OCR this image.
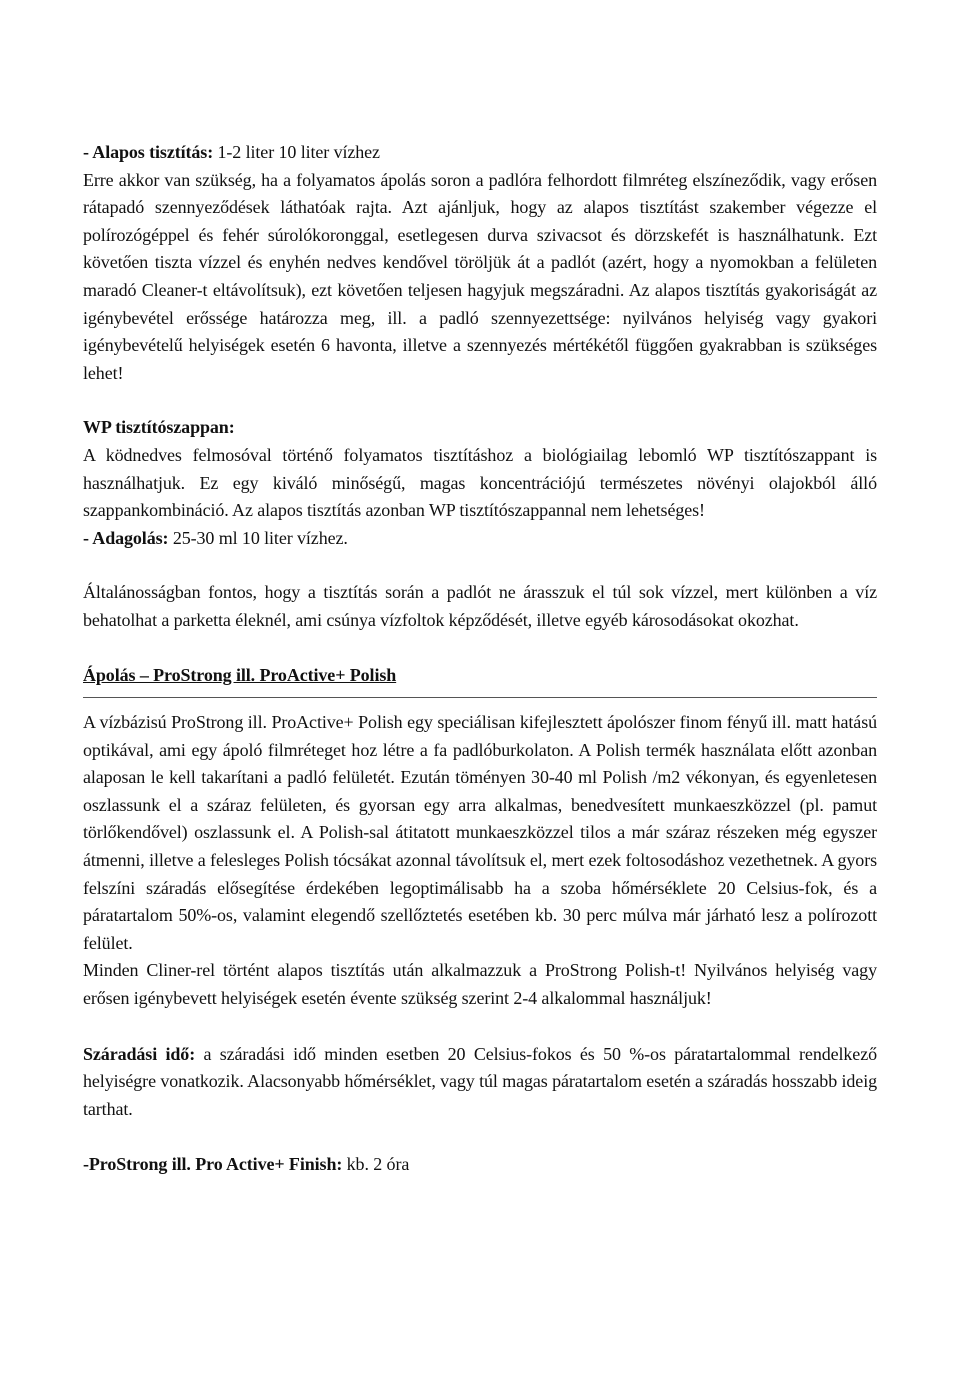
- Alapos tisztítás: 1-2 liter 10 liter vízhez

Erre akkor van szükség, ha a folyamatos ápolás soron a padlóra felhordott filmréteg elszíneződik, vagy erősen rátapadó szennyeződések láthatóak rajta. Azt ajánljuk, hogy az alapos tisztítást szakember végezze el polírozógéppel és fehér súrolókoronggal, esetlegesen durva szivacsot és dörzskefét is használhatunk. Ezt követően tiszta vízzel és enyhén nedves kendővel töröljük át a padlót (azért, hogy a nyomokban a felületen maradó Cleaner-t eltávolítsuk), ezt követően teljesen hagyjuk megszáradni. Az alapos tisztítás gyakoriságát az igénybevétel erőssége határozza meg, ill. a padló szennyezettsége: nyilvános helyiség vagy gyakori igénybevételű helyiségek esetén 6 havonta, illetve a szennyezés mértékétől függően gyakrabban is szükséges lehet!

WP tisztítószappan:

A ködnedves felmosóval történő folyamatos tisztításhoz a biológiailag lebomló WP tisztítószappant is használhatjuk. Ez egy kiváló minőségű, magas koncentrációjú természetes növényi olajokból álló szappankombináció. Az alapos tisztítás azonban WP tisztítószappannal nem lehetséges!

- Adagolás: 25-30 ml 10 liter vízhez.

Általánosságban fontos, hogy a tisztítás során a padlót ne árasszuk el túl sok vízzel, mert különben a víz behatolhat a parketta éleknél, ami csúnya vízfoltok képződését, illetve egyéb károsodásokat okozhat.

Ápolás – ProStrong ill. ProActive+ Polish

A vízbázisú ProStrong ill. ProActive+ Polish egy speciálisan kifejlesztett ápolószer finom fényű ill. matt hatású optikával, ami egy ápoló filmréteget hoz létre a fa padlóburkolaton. A Polish termék használata előtt azonban alaposan le kell takarítani a padló felületét. Ezután töményen 30-40 ml Polish /m2 vékonyan, és egyenletesen oszlassunk el a száraz felületen, és gyorsan egy arra alkalmas, benedvesített munkaeszközzel (pl. pamut törlőkendővel) oszlassunk el. A Polish-sal átitatott munkaeszközzel tilos a már száraz részeken még egyszer átmenni, illetve a felesleges Polish tócsákat azonnal távolítsuk el, mert ezek foltosodáshoz vezethetnek. A gyors felszíni száradás elősegítése érdekében legoptimálisabb ha a szoba hőmérséklete 20 Celsius-fok, és a páratartalom 50%-os, valamint elegendő szellőztetés esetében kb. 30 perc múlva már járható lesz a polírozott felület.

Minden Cliner-rel történt alapos tisztítás után alkalmazzuk a ProStrong Polish-t! Nyilvános helyiség vagy erősen igénybevett helyiségek esetén évente szükség szerint 2-4 alkalommal használjuk!

Száradási idő: a száradási idő minden esetben 20 Celsius-fokos és 50 %-os páratartalommal rendelkező helyiségre vonatkozik. Alacsonyabb hőmérséklet, vagy túl magas páratartalom esetén a száradás hosszabb ideig tarthat.

-ProStrong ill. Pro Active+ Finish: kb. 2 óra
